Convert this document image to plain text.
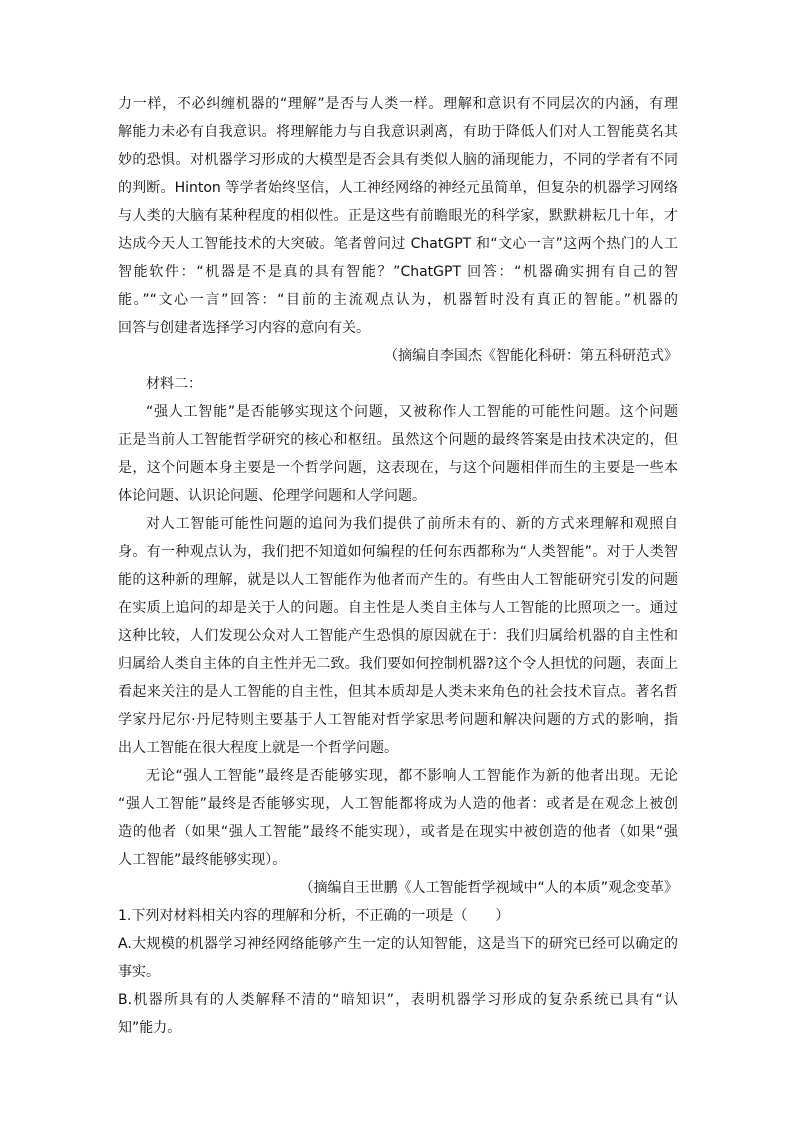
力一样，不必纠缠机器的“理解”是否与人类一样。理解和意识有不同层次的内涵，有理
解能力未必有自我意识。将理解能力与自我意识剥离，有助于降低人们对人工智能莫名其
妙的恐惧。对机器学习形成的大模型是否会具有类似人脑的涌现能力，不同的学者有不同
的判断。Hinton 等学者始终坚信，人工神经网络的神经元虽简单，但复杂的机器学习网络
与人类的大脑有某种程度的相似性。正是这些有前瞻眼光的科学家，默默耕耘几十年，才
达成今天人工智能技术的大突破。笔者曾问过 ChatGPT 和“文心一言”这两个热门的人工
智能软件：“机器是不是真的具有智能？”ChatGPT 回答：“机器确实拥有自己的智
能。”“文心一言”回答：“目前的主流观点认为，机器暂时没有真正的智能。”机器的
回答与创建者选择学习内容的意向有关。
（摘编自李国杰《智能化科研：第五科研范式》
材料二：
“强人工智能”是否能够实现这个问题，又被称作人工智能的可能性问题。这个问题
正是当前人工智能哲学研究的核心和枢纽。虽然这个问题的最终答案是由技术决定的，但
是，这个问题本身主要是一个哲学问题，这表现在，与这个问题相伴而生的主要是一些本
体论问题、认识论问题、伦理学问题和人学问题。
对人工智能可能性问题的追问为我们提供了前所未有的、新的方式来理解和观照自
身。有一种观点认为，我们把不知道如何编程的任何东西都称为“人类智能”。对于人类智
能的这种新的理解，就是以人工智能作为他者而产生的。有些由人工智能研究引发的问题
在实质上追问的却是关于人的问题。自主性是人类自主体与人工智能的比照项之一。通过
这种比较，人们发现公众对人工智能产生恐惧的原因就在于：我们归属给机器的自主性和
归属给人类自主体的自主性并无二致。我们要如何控制机器?这个令人担忧的问题，表面上
看起来关注的是人工智能的自主性，但其本质却是人类未来角色的社会技术盲点。著名哲
学家丹尼尔·丹尼特则主要基于人工智能对哲学家思考问题和解决问题的方式的影响，指
出人工智能在很大程度上就是一个哲学问题。
无论“强人工智能”最终是否能够实现，都不影响人工智能作为新的他者出现。无论
“强人工智能”最终是否能够实现，人工智能都将成为人造的他者：或者是在观念上被创
造的他者（如果“强人工智能”最终不能实现），或者是在现实中被创造的他者（如果“强
人工智能”最终能够实现）。
（摘编自王世鹏《人工智能哲学视域中“人的本质”观念变革》
1.下列对材料相关内容的理解和分析，不正确的一项是（　　）
A.大规模的机器学习神经网络能够产生一定的认知智能，这是当下的研究已经可以确定的
事实。
B.机器所具有的人类解释不清的“暗知识”，表明机器学习形成的复杂系统已具有“认
知”能力。
